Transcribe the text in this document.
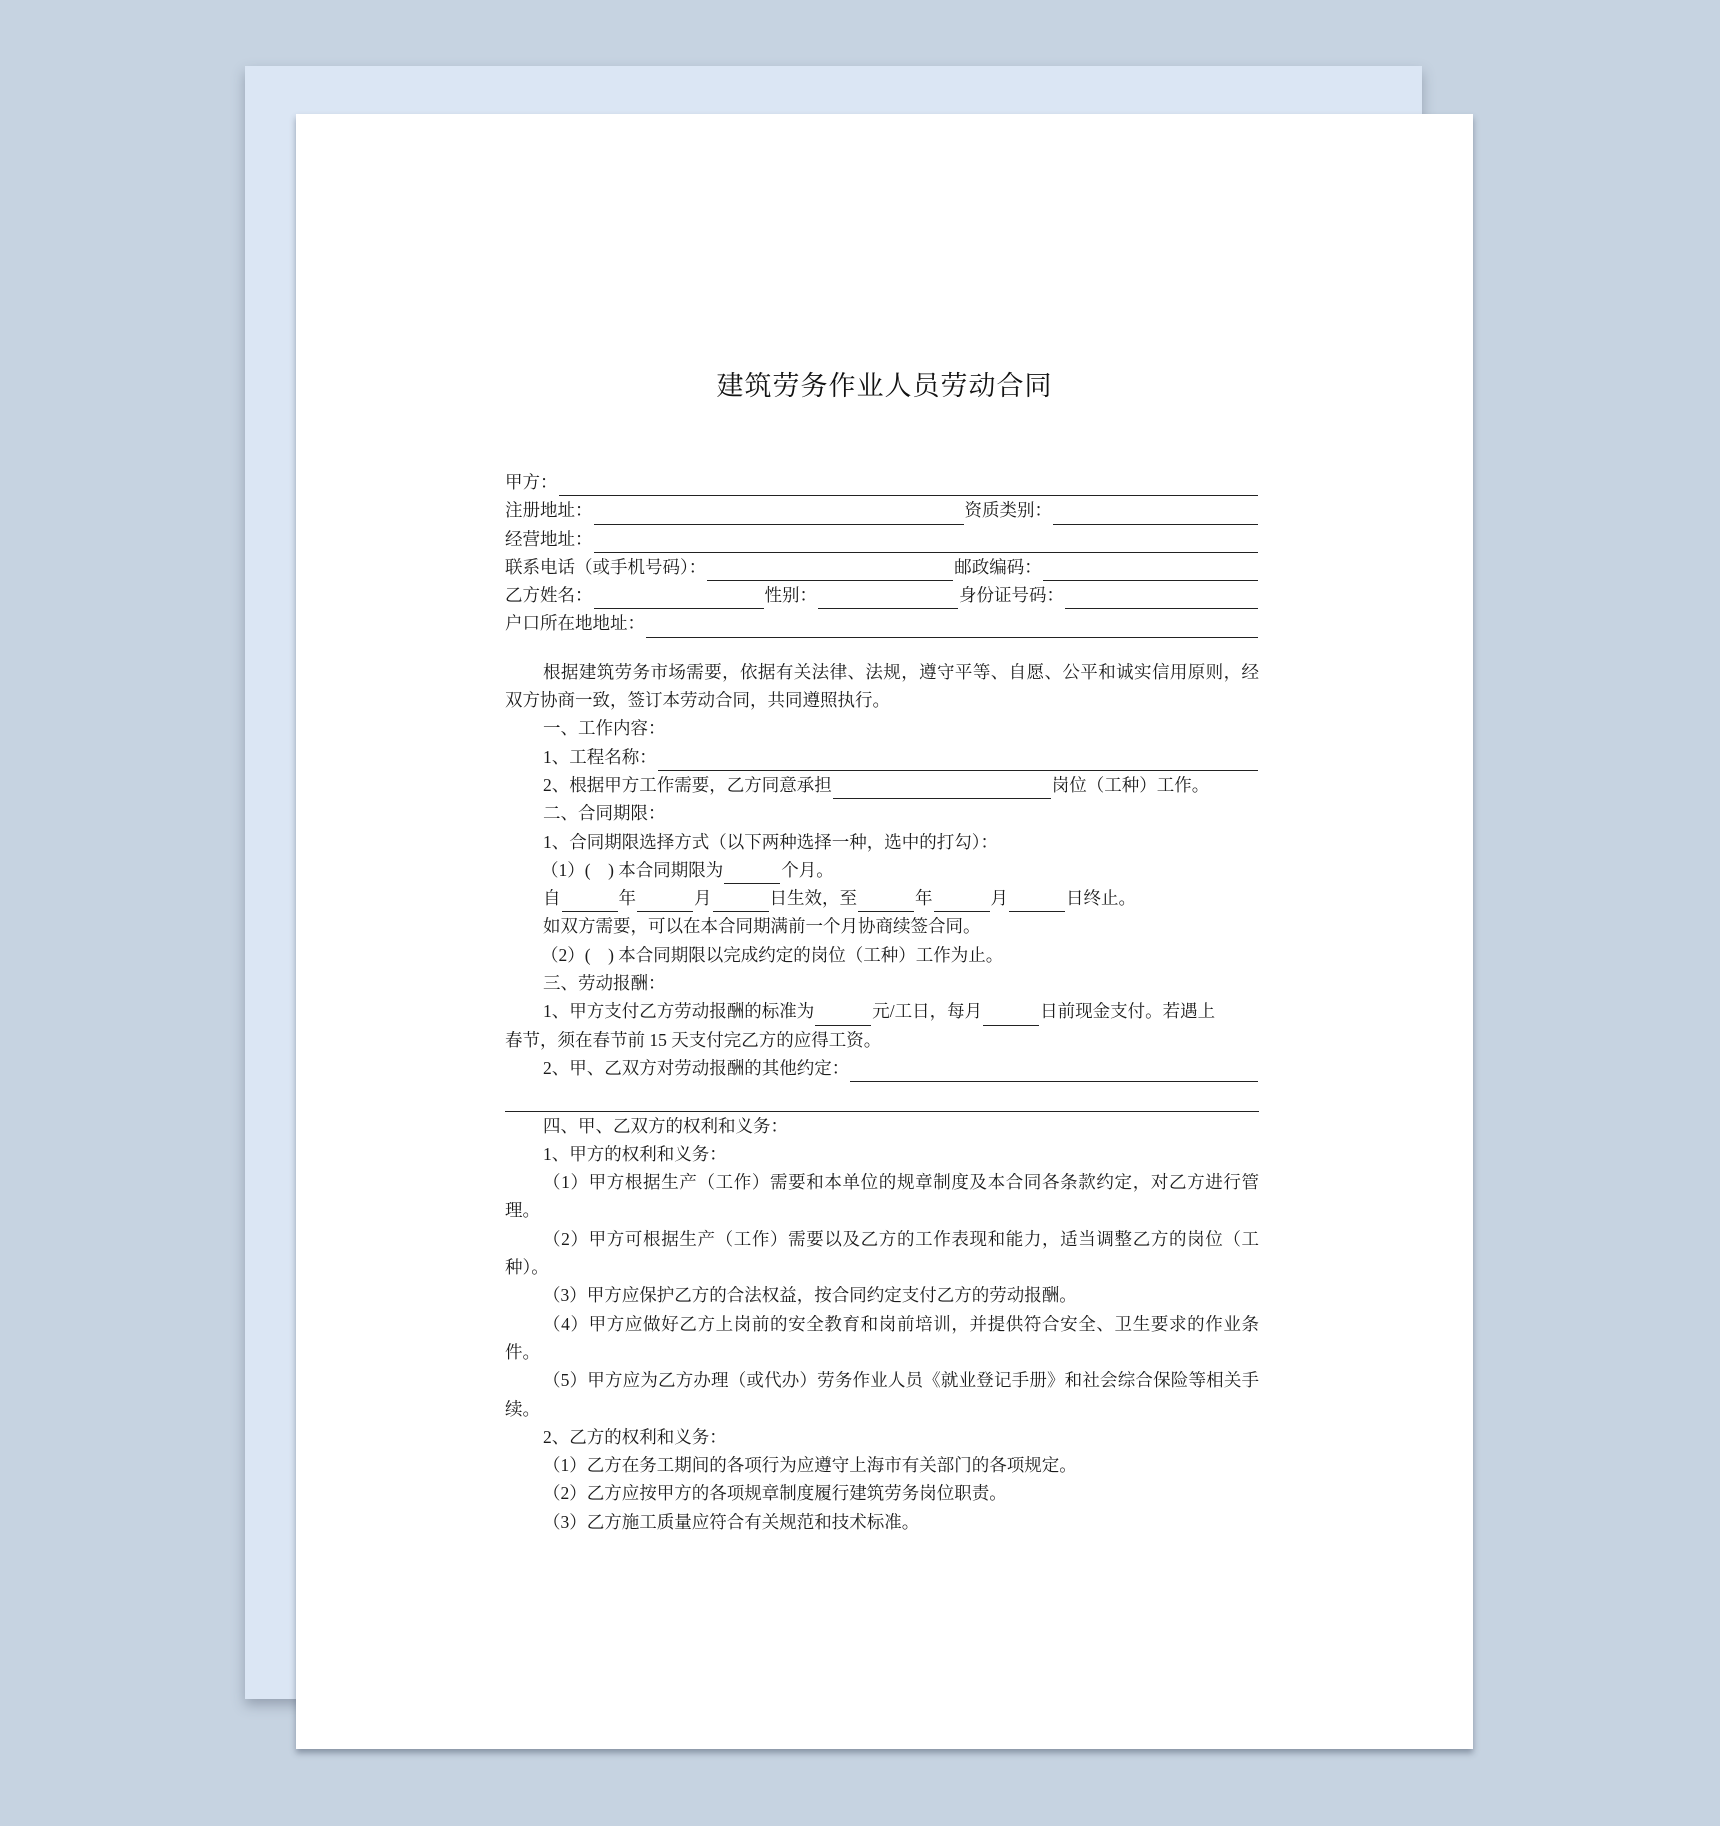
建筑劳务作业人员劳动合同
甲方：
注册地址：	资质类别：
经营地址：
联系电话（或手机号码）：	邮政编码：
乙方姓名：	性别：	身份证号码：
户口所在地地址：
根据建筑劳务市场需要，依据有关法律、法规，遵守平等、自愿、公平和诚实信用原则，经双方协商一致，签订本劳动合同，共同遵照执行。
一、工作内容：
1、工程名称：
2、根据甲方工作需要，乙方同意承担	岗位（工种）工作。
二、合同期限：
1、合同期限选择方式（以下两种选择一种，选中的打勾）：
（1）(　) 本合同期限为	个月。
自	年	月	日生效，至	年	月	日终止。
如双方需要，可以在本合同期满前一个月协商续签合同。
（2）(　) 本合同期限以完成约定的岗位（工种）工作为止。
三、劳动报酬：
1、甲方支付乙方劳动报酬的标准为	元/工日，每月	日前现金支付。若遇上
春节，须在春节前 15 天支付完乙方的应得工资。
2、甲、乙双方对劳动报酬的其他约定：
四、甲、乙双方的权利和义务：
1、甲方的权利和义务：
（1）甲方根据生产（工作）需要和本单位的规章制度及本合同各条款约定，对乙方进行管理。
（2）甲方可根据生产（工作）需要以及乙方的工作表现和能力，适当调整乙方的岗位（工种）。
（3）甲方应保护乙方的合法权益，按合同约定支付乙方的劳动报酬。
（4）甲方应做好乙方上岗前的安全教育和岗前培训，并提供符合安全、卫生要求的作业条件。
（5）甲方应为乙方办理（或代办）劳务作业人员《就业登记手册》和社会综合保险等相关手续。
2、乙方的权利和义务：
（1）乙方在务工期间的各项行为应遵守上海市有关部门的各项规定。
（2）乙方应按甲方的各项规章制度履行建筑劳务岗位职责。
（3）乙方施工质量应符合有关规范和技术标准。
